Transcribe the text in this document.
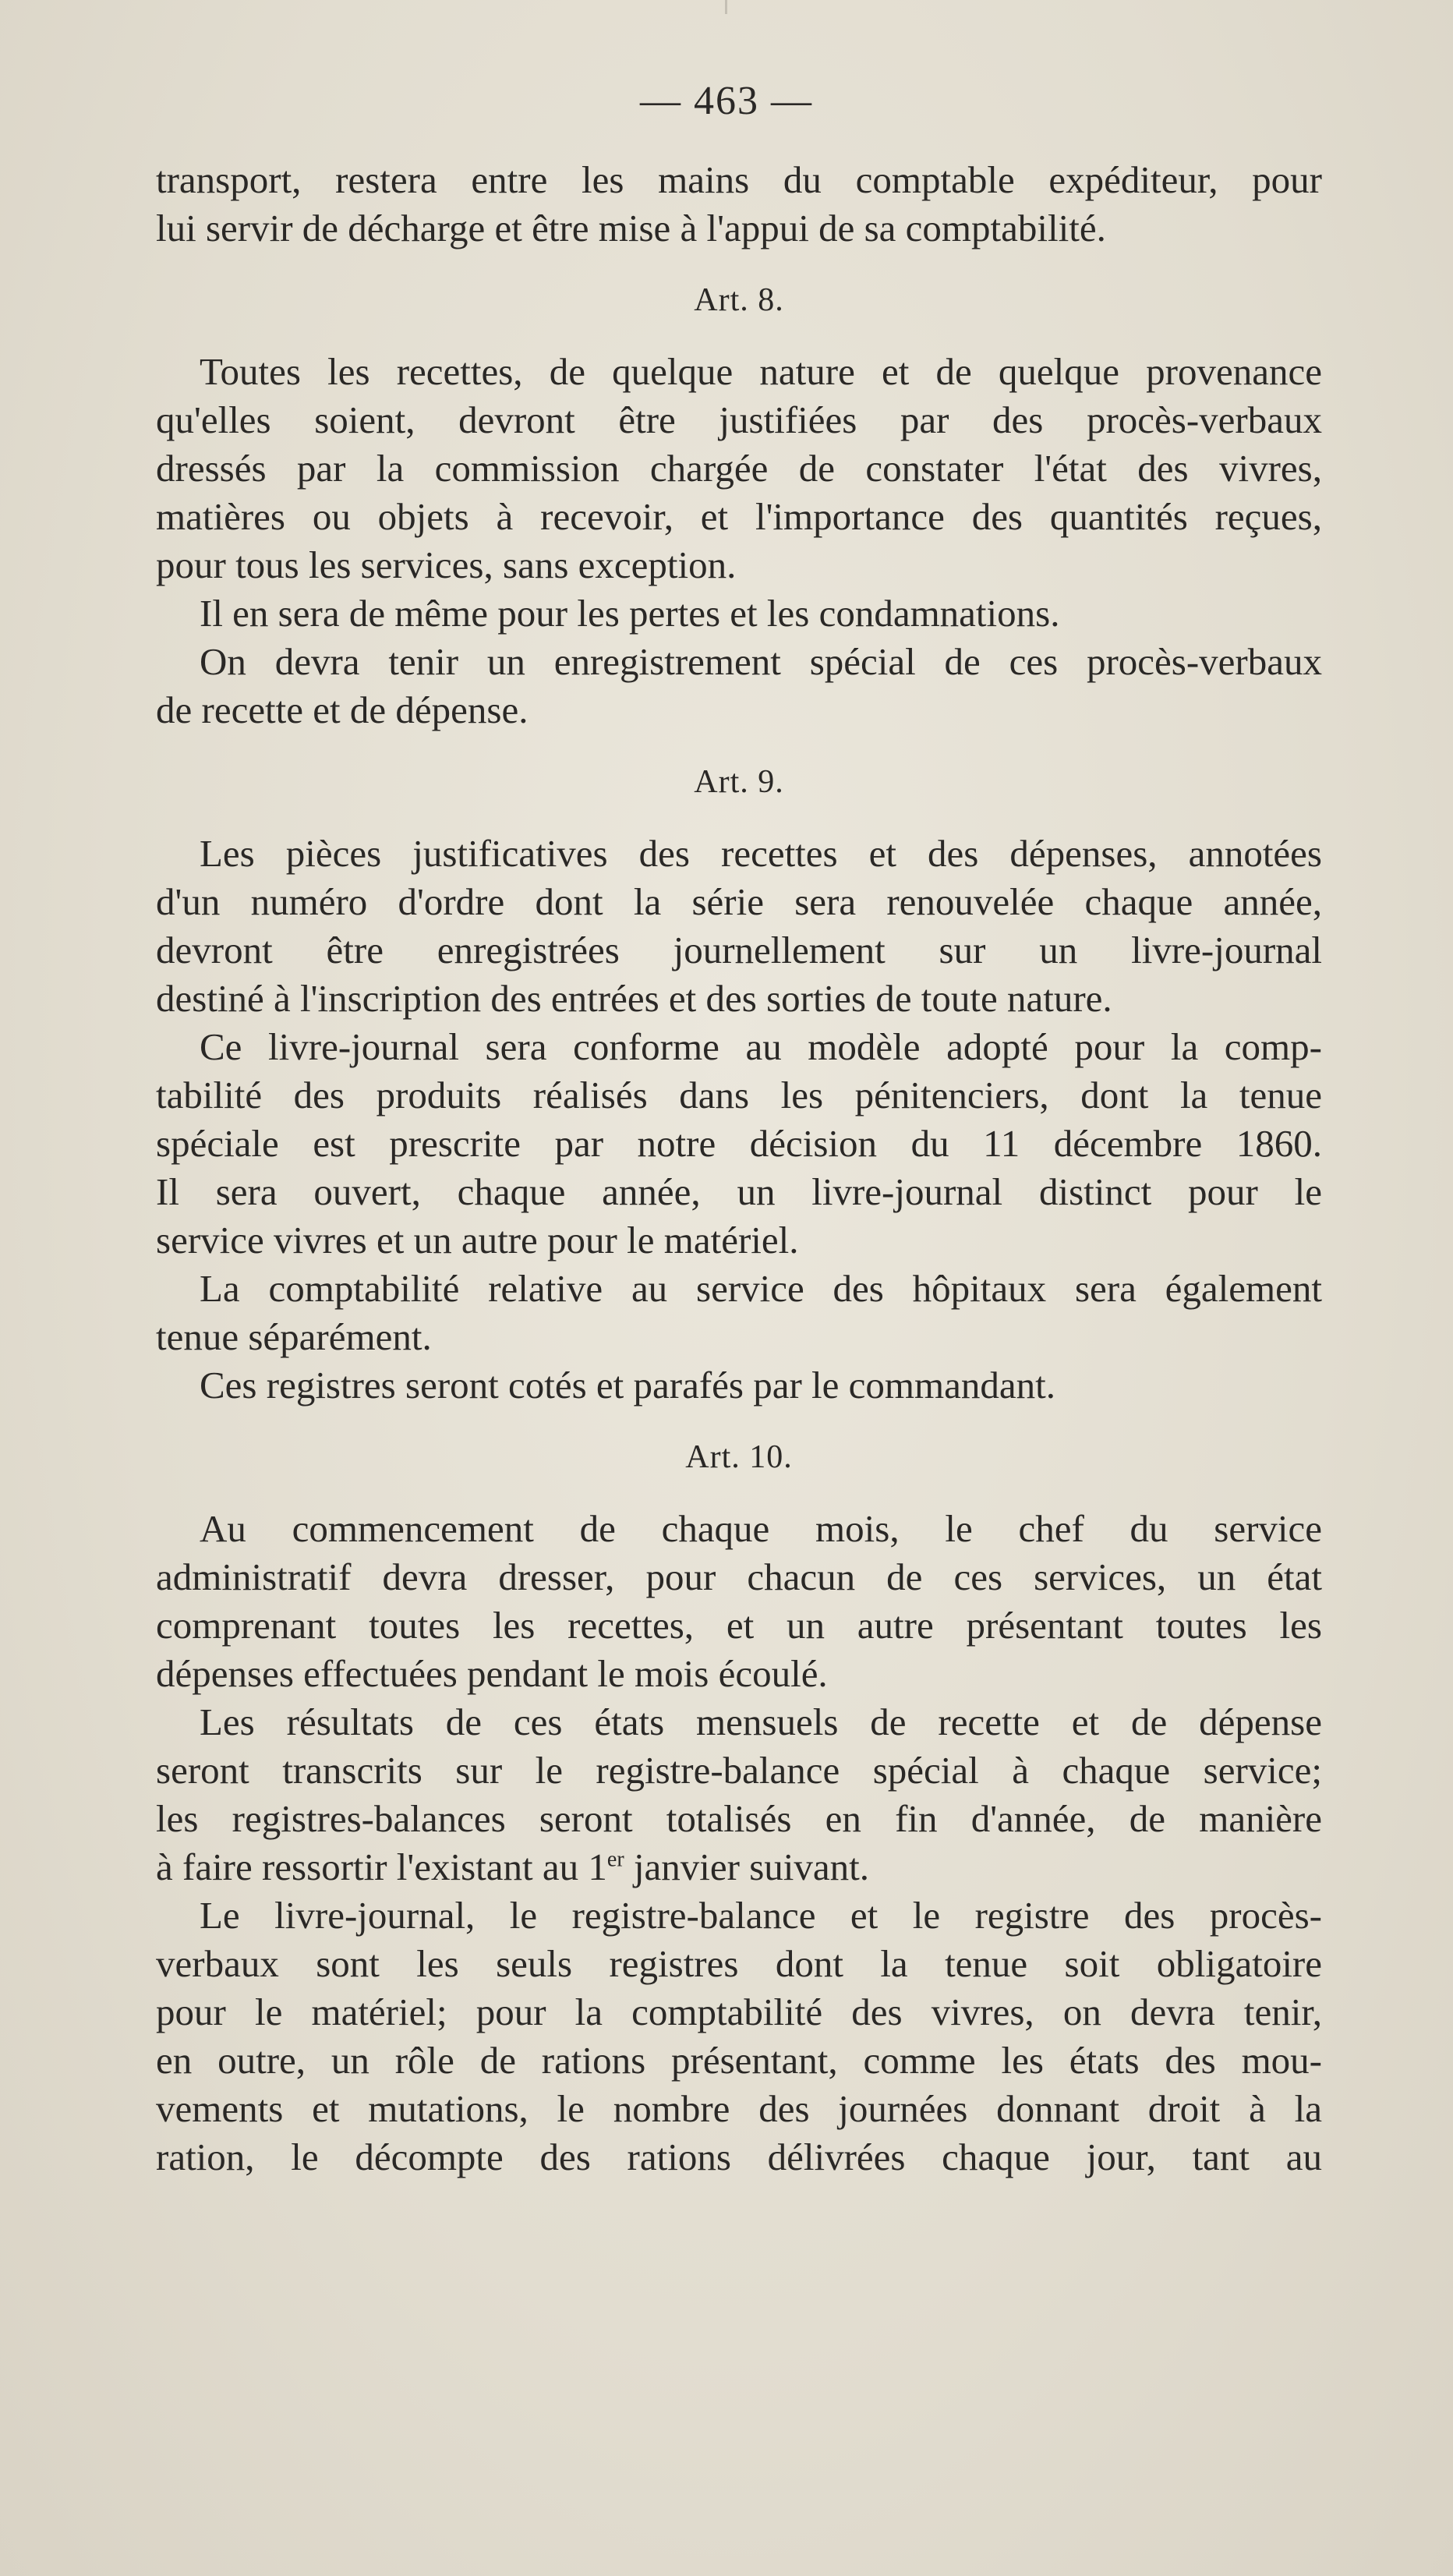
— 463 —
transport, restera entre les mains du comptable expéditeur, pour
lui servir de décharge et être mise à l'appui de sa comptabilité.
Art. 8.
Toutes les recettes, de quelque nature et de quelque provenance
qu'elles soient, devront être justifiées par des procès-verbaux
dressés par la commission chargée de constater l'état des vivres,
matières ou objets à recevoir, et l'importance des quantités reçues,
pour tous les services, sans exception.
Il en sera de même pour les pertes et les condamnations.
On devra tenir un enregistrement spécial de ces procès-verbaux
de recette et de dépense.
Art. 9.
Les pièces justificatives des recettes et des dépenses, annotées
d'un numéro d'ordre dont la série sera renouvelée chaque année,
devront être enregistrées journellement sur un livre-journal
destiné à l'inscription des entrées et des sorties de toute nature.
Ce livre-journal sera conforme au modèle adopté pour la comp-
tabilité des produits réalisés dans les pénitenciers, dont la tenue
spéciale est prescrite par notre décision du 11 décembre 1860.
Il sera ouvert, chaque année, un livre-journal distinct pour le
service vivres et un autre pour le matériel.
La comptabilité relative au service des hôpitaux sera également
tenue séparément.
Ces registres seront cotés et parafés par le commandant.
Art. 10.
Au commencement de chaque mois, le chef du service
administratif devra dresser, pour chacun de ces services, un état
comprenant toutes les recettes, et un autre présentant toutes les
dépenses effectuées pendant le mois écoulé.
Les résultats de ces états mensuels de recette et de dépense
seront transcrits sur le registre-balance spécial à chaque service;
les registres-balances seront totalisés en fin d'année, de manière
à faire ressortir l'existant au 1er janvier suivant.
Le livre-journal, le registre-balance et le registre des procès-
verbaux sont les seuls registres dont la tenue soit obligatoire
pour le matériel; pour la comptabilité des vivres, on devra tenir,
en outre, un rôle de rations présentant, comme les états des mou-
vements et mutations, le nombre des journées donnant droit à la
ration, le décompte des rations délivrées chaque jour, tant au
